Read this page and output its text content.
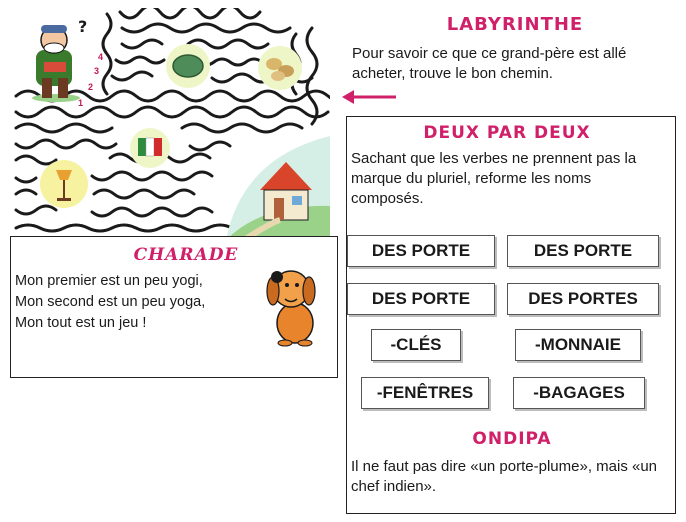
?
4
3
2
1
LABYRINTHE
Pour savoir ce que ce grand-père est allé acheter, trouve le bon chemin.
CHARADE
Mon premier est un peu yogi,
Mon second est un peu yoga,
Mon tout est un jeu !
DEUX PAR DEUX
Sachant que les verbes ne prennent pas la marque du pluriel, reforme les noms composés.
DES PORTE	DES PORTE
DES PORTE	DES PORTES
-CLÉS	-MONNAIE
-FENÊTRES	-BAGAGES
ONDIPA
Il ne faut pas dire «un porte-plume», mais «un chef indien».
